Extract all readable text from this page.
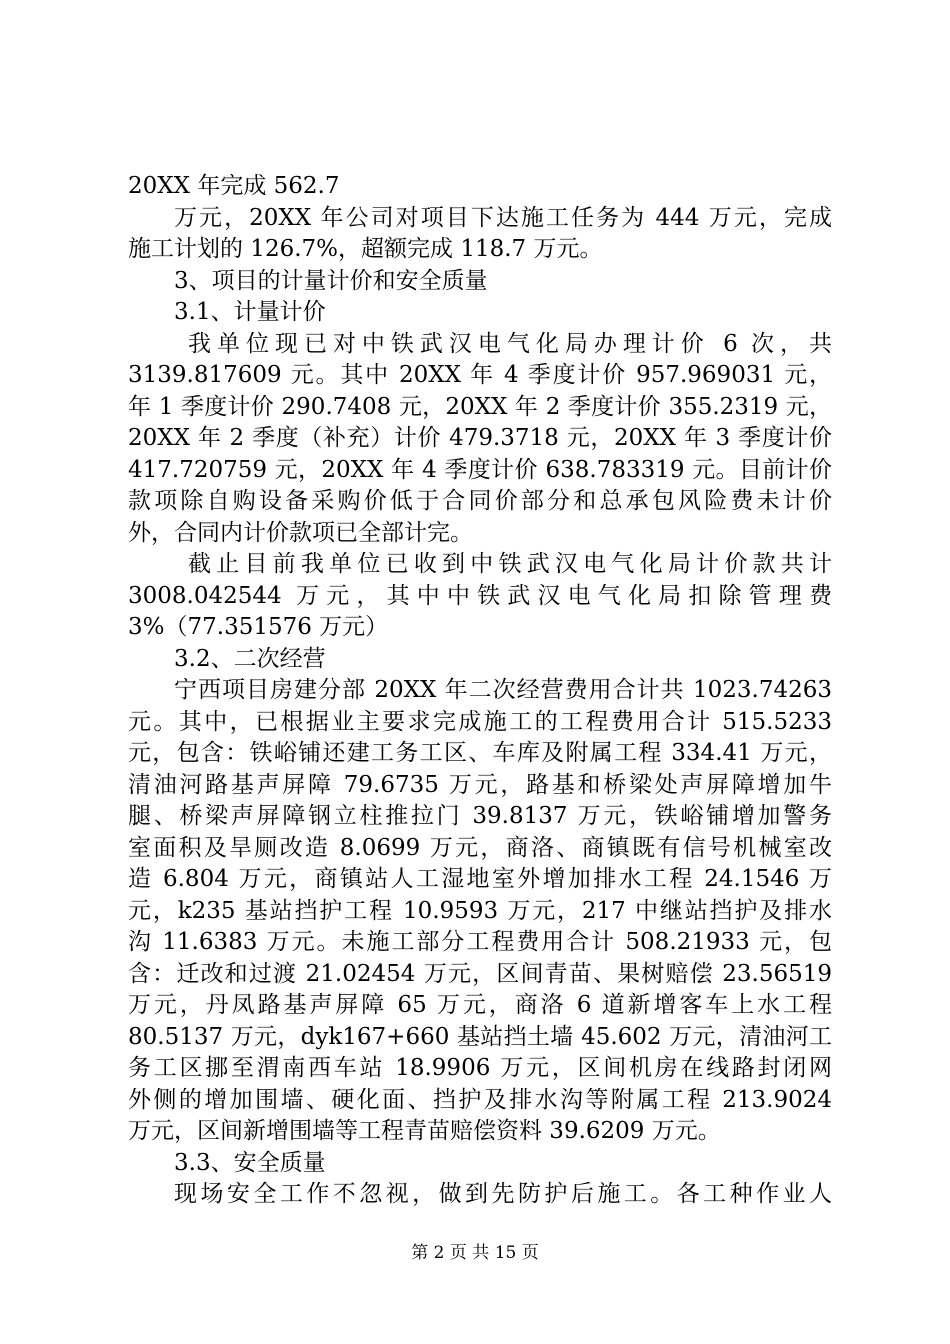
20XX 年完成 562.7
万元，20XX 年公司对项目下达施工任务为 444 万元，完成
施工计划的 126.7%，超额完成 118.7 万元。
3、项目的计量计价和安全质量
3.1、计量计价
我单位现已对中铁武汉电气化局办理计价 6 次，共
3139.817609 元。其中 20XX 年 4 季度计价 957.969031 元，
年 1 季度计价 290.7408 元，20XX 年 2 季度计价 355.2319 元，
20XX 年 2 季度（补充）计价 479.3718 元，20XX 年 3 季度计价
417.720759 元，20XX 年 4 季度计价 638.783319 元。目前计价
款项除自购设备采购价低于合同价部分和总承包风险费未计价
外，合同内计价款项已全部计完。
截止目前我单位已收到中铁武汉电气化局计价款共计
3008.042544 万元，其中中铁武汉电气化局扣除管理费
3%（77.351576 万元）
3.2、二次经营
宁西项目房建分部 20XX 年二次经营费用合计共 1023.74263
元。其中，已根据业主要求完成施工的工程费用合计 515.5233
元，包含：铁峪铺还建工务工区、车库及附属工程 334.41 万元，
清油河路基声屏障 79.6735 万元，路基和桥梁处声屏障增加牛
腿、桥梁声屏障钢立柱推拉门 39.8137 万元，铁峪铺增加警务
室面积及旱厕改造 8.0699 万元，商洛、商镇既有信号机械室改
造 6.804 万元，商镇站人工湿地室外增加排水工程 24.1546 万
元，k235 基站挡护工程 10.9593 万元，217 中继站挡护及排水
沟 11.6383 万元。未施工部分工程费用合计 508.21933 元，包
含：迁改和过渡 21.02454 万元，区间青苗、果树赔偿 23.56519
万元，丹凤路基声屏障 65 万元，商洛 6 道新增客车上水工程
80.5137 万元，dyk167+660 基站挡土墙 45.602 万元，清油河工
务工区挪至渭南西车站 18.9906 万元，区间机房在线路封闭网
外侧的增加围墙、硬化面、挡护及排水沟等附属工程 213.9024
万元，区间新增围墙等工程青苗赔偿资料 39.6209 万元。
3.3、安全质量
现场安全工作不忽视，做到先防护后施工。各工种作业人
第 2 页 共 15 页
